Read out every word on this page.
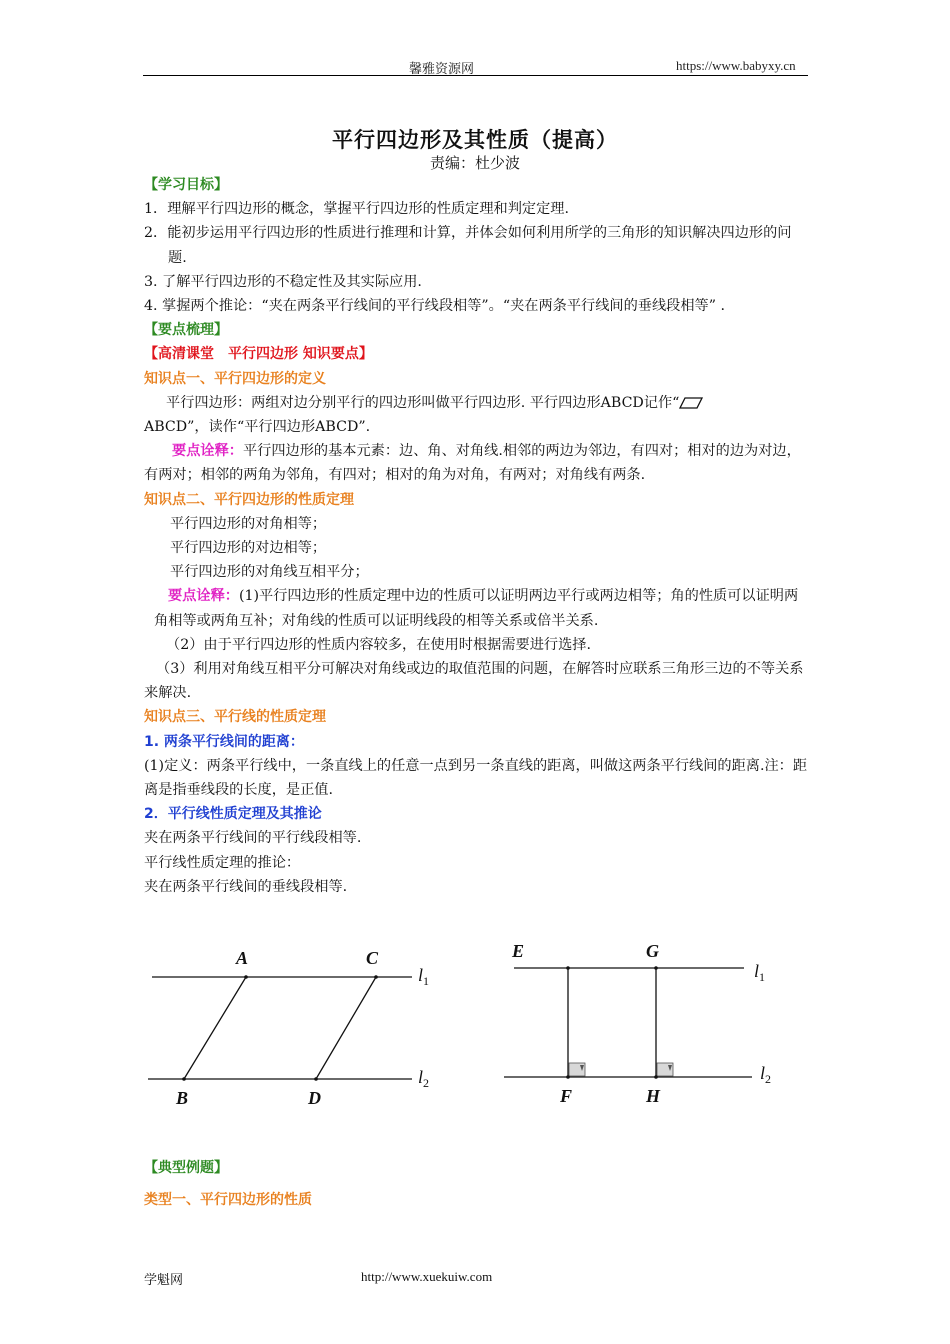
馨雅资源网	https://www.babyxy.cn
平行四边形及其性质（提高）
责编：杜少波

【学习目标】

1．理解平行四边形的概念，掌握平行四边形的性质定理和判定定理.

2．能初步运用平行四边形的性质进行推理和计算，并体会如何利用所学的三角形的知识解决四边形的问题.

3. 了解平行四边形的不稳定性及其实际应用.

4. 掌握两个推论：“夹在两条平行线间的平行线段相等”。“夹在两条平行线间的垂线段相等” .

【要点梳理】

【高清课堂　平行四边形 知识要点】

知识点一、平行四边形的定义

平行四边形：两组对边分别平行的四边形叫做平行四边形. 平行四边形ABCD记作“
ABCD”，读作“平行四边形ABCD”.

要点诠释：平行四边形的基本元素：边、角、对角线.相邻的两边为邻边，有四对；相对的边为对边，有两对；相邻的两角为邻角，有四对；相对的角为对角，有两对；对角线有两条.

知识点二、平行四边形的性质定理

平行四边形的对角相等；

平行四边形的对边相等；

平行四边形的对角线互相平分；

要点诠释：(1)平行四边形的性质定理中边的性质可以证明两边平行或两边相等；角的性质可以证明两角相等或两角互补；对角线的性质可以证明线段的相等关系或倍半关系.

（2）由于平行四边形的性质内容较多，在使用时根据需要进行选择.

（3）利用对角线互相平分可解决对角线或边的取值范围的问题，在解答时应联系三角形三边的不等关系来解决.

知识点三、平行线的性质定理

1. 两条平行线间的距离：

(1)定义：两条平行线中，一条直线上的任意一点到另一条直线的距离，叫做这两条平行线间的距离.注：距离是指垂线段的长度，是正值.

2．平行线性质定理及其推论

夹在两条平行线间的平行线段相等.

平行线性质定理的推论：

夹在两条平行线间的垂线段相等.

A	C
B	D
E	G
F	H
$l_1$
$l_2$
$l_1$
$l_2$
【典型例题】
类型一、平行四边形的性质
学魁网	http://www.xuekuiw.com
